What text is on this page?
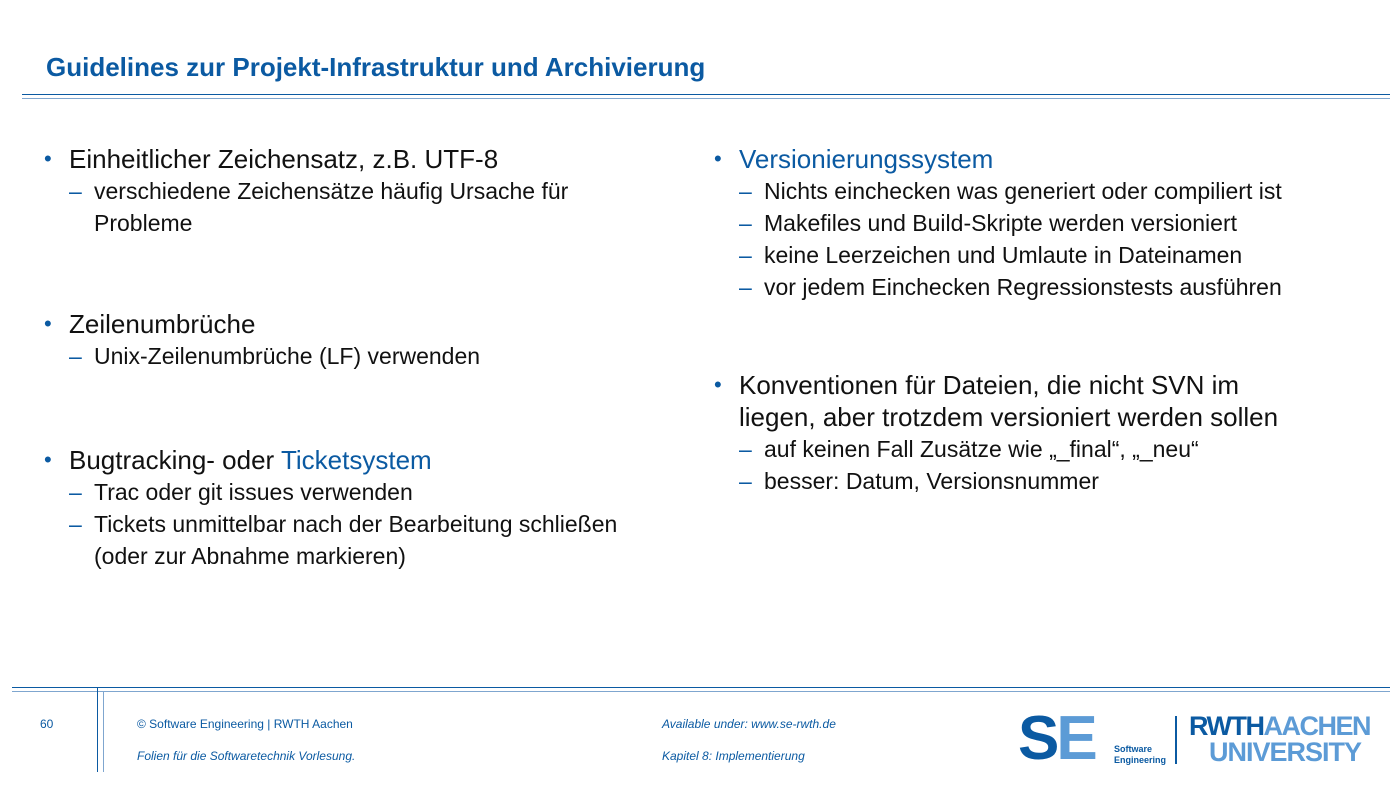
Guidelines zur Projekt-Infrastruktur und Archivierung
• Einheitlicher Zeichensatz, z.B. UTF-8
– verschiedene Zeichensätze häufig Ursache für
Probleme
• Zeilenumbrüche
– Unix-Zeilenumbrüche (LF) verwenden
• Bugtracking- oder Ticketsystem
– Trac oder git issues verwenden
– Tickets unmittelbar nach der Bearbeitung schließen
(oder zur Abnahme markieren)
• Versionierungssystem
– Nichts einchecken was generiert oder compiliert ist
– Makefiles und Build-Skripte werden versioniert
– keine Leerzeichen und Umlaute in Dateinamen
– vor jedem Einchecken Regressionstests ausführen
• Konventionen für Dateien, die nicht SVN im
liegen, aber trotzdem versioniert werden sollen
– auf keinen Fall Zusätze wie „_final“, „_neu“
– besser: Datum, Versionsnummer
60	© Software Engineering | RWTH Aachen
Folien für die Softwaretechnik Vorlesung.
Available under: www.se-rwth.de
Kapitel 8: Implementierung	SE Software
Engineering
RWTHAACHEN
UNIVERSITY
